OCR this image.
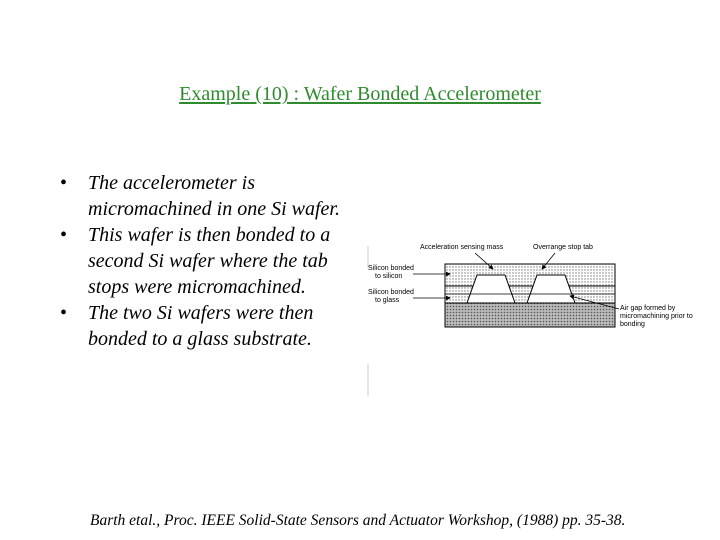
Example (10) : Wafer Bonded Accelerometer
• The accelerometer is micromachined in one Si wafer.
• This wafer is then bonded to a second Si wafer where the tab stops were micromachined.
• The two Si wafers were then bonded to a glass substrate.
Acceleration sensing mass	Overrange stop tab
Silicon bonded
to silicon
Silicon bonded
to glass
Air gap formed by
micromachining prior to
bonding
Barth etal., Proc. IEEE Solid-State Sensors and Actuator Workshop, (1988) pp. 35-38.
